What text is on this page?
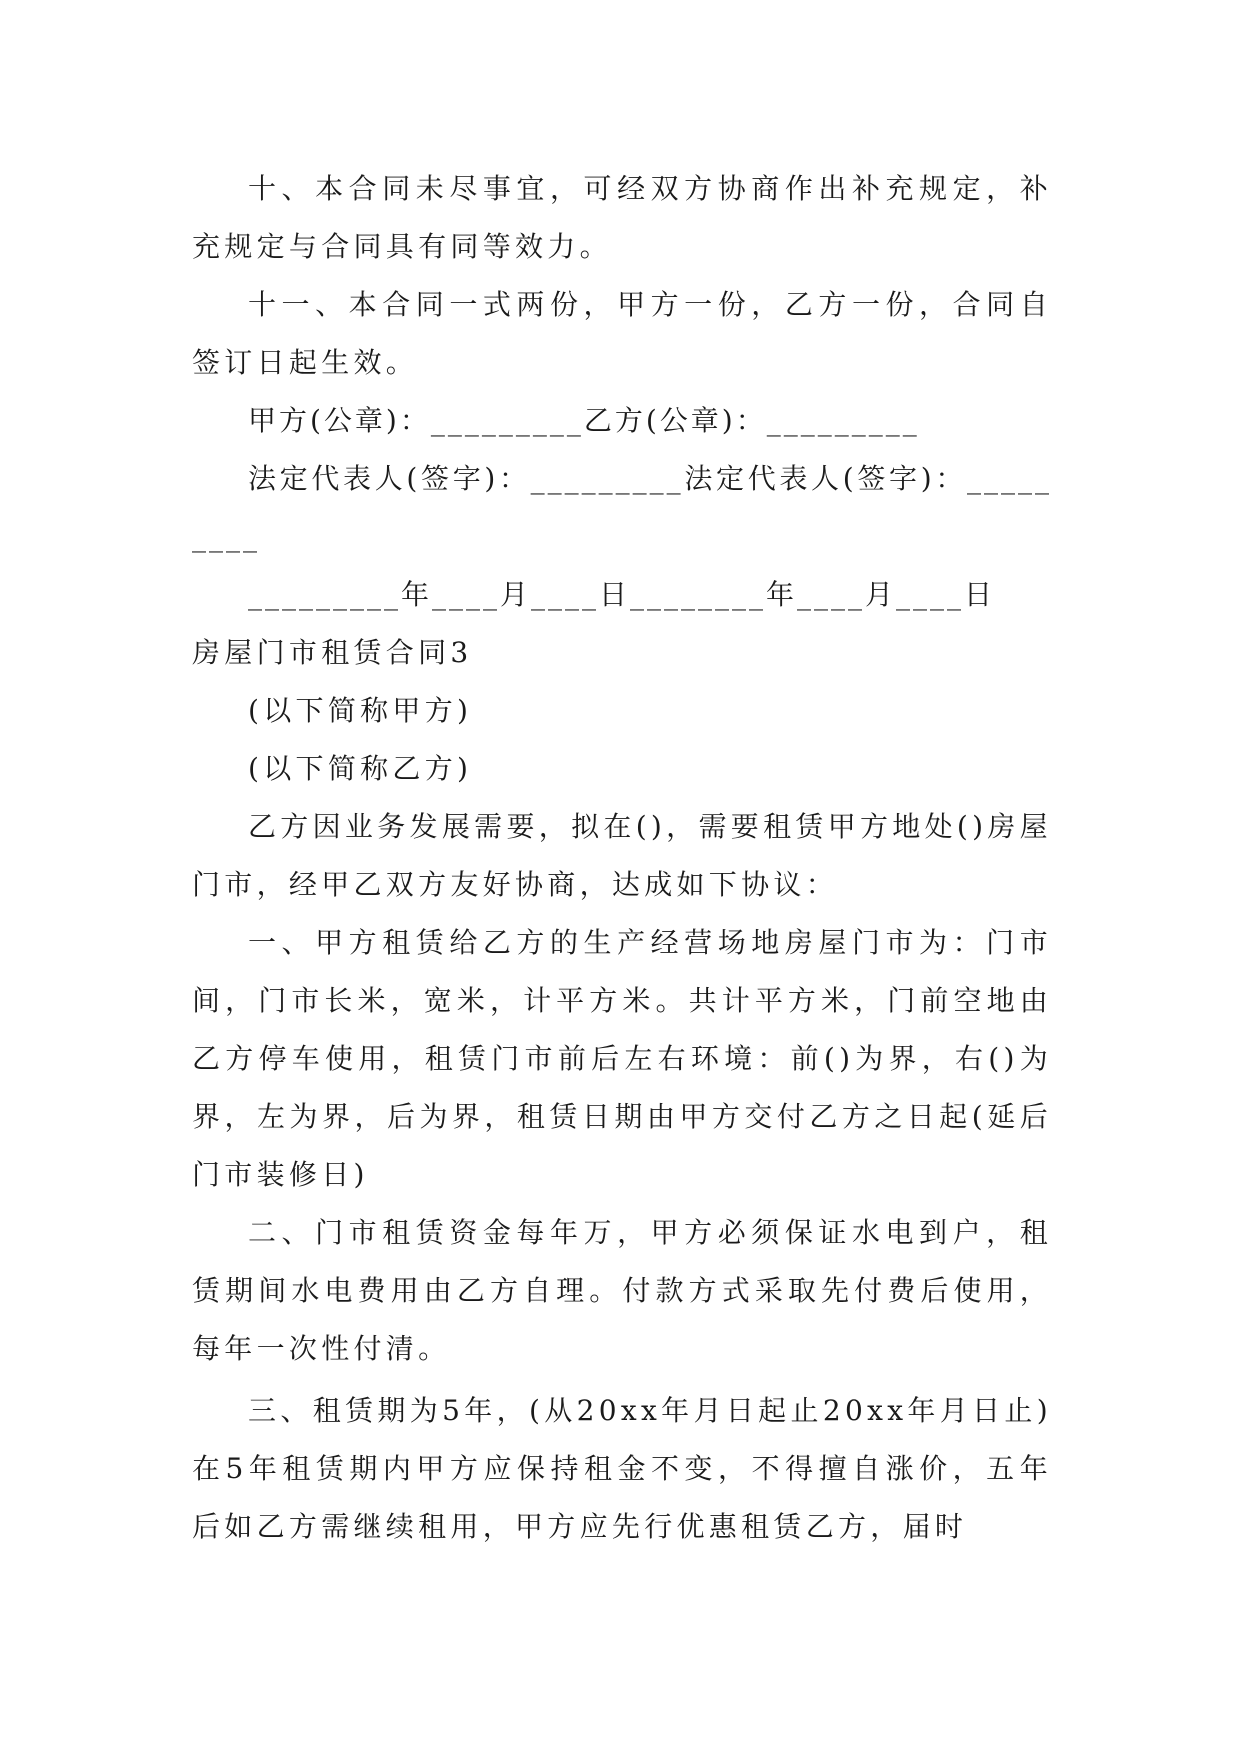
十、本合同未尽事宜，可经双方协商作出补充规定，补充规定与合同具有同等效力。

十一、本合同一式两份，甲方一份，乙方一份，合同自签订日起生效。

甲方(公章)：_________乙方(公章)：_________

法定代表人(签字)：_________法定代表人(签字)：_________

_________年____月____日________年____月____日

房屋门市租赁合同3

(以下简称甲方)

(以下简称乙方)

乙方因业务发展需要，拟在()，需要租赁甲方地处()房屋门市，经甲乙双方友好协商，达成如下协议：

一、甲方租赁给乙方的生产经营场地房屋门市为：门市间，门市长米，宽米，计平方米。共计平方米，门前空地由乙方停车使用，租赁门市前后左右环境：前()为界，右()为界，左为界，后为界，租赁日期由甲方交付乙方之日起(延后门市装修日)

二、门市租赁资金每年万，甲方必须保证水电到户，租赁期间水电费用由乙方自理。付款方式采取先付费后使用，每年一次性付清。

三、租赁期为5年，(从20xx年月日起止20xx年月日止)在5年租赁期内甲方应保持租金不变，不得擅自涨价，五年后如乙方需继续租用，甲方应先行优惠租赁乙方，届时
